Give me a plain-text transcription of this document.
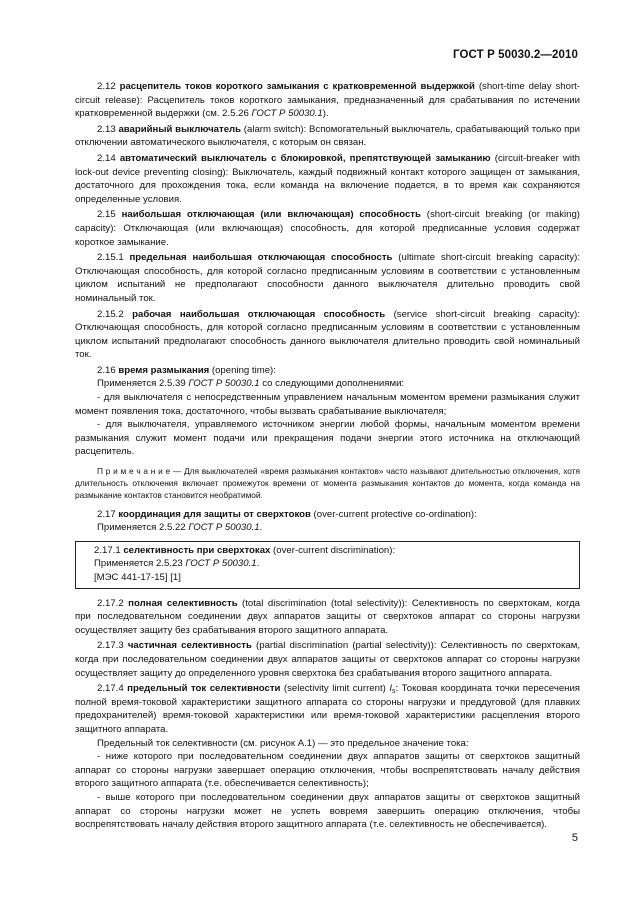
ГОСТ Р 50030.2—2010

2.12 расцепитель токов короткого замыкания с кратковременной выдержкой (short-time delay short-circuit release): Расцепитель токов короткого замыкания, предназначенный для срабатывания по истечении кратковременной выдержки (см. 2.5.26 ГОСТ Р 50030.1).

2.13 аварийный выключатель (alarm switch): Вспомогательный выключатель, срабатывающий только при отключении автоматического выключателя, с которым он связан.

2.14 автоматический выключатель с блокировкой, препятствующей замыканию (circuit-breaker with lock-out device preventing closing): Выключатель, каждый подвижный контакт которого защищен от замыкания, достаточного для прохождения тока, если команда на включение подается, в то время как сохраняются определенные условия.

2.15 наибольшая отключающая (или включающая) способность (short-circuit breaking (or making) capacity): Отключающая (или включающая) способность, для которой предписанные условия содержат короткое замыкание.

2.15.1 предельная наибольшая отключающая способность (ultimate short-circuit breaking capacity): Отключающая способность, для которой согласно предписанным условиям в соответствии с установленным циклом испытаний не предполагают способности данного выключателя длительно проводить свой номинальный ток.

2.15.2 рабочая наибольшая отключающая способность (service short-circuit breaking capacity): Отключающая способность, для которой согласно предписанным условиям в соответствии с установленным циклом испытаний предполагают способность данного выключателя длительно проводить свой номинальный ток.

2.16 время размыкания (opening time):

Применяется 2.5.39 ГОСТ Р 50030.1 со следующими дополнениями:

- для выключателя с непосредственным управлением начальным моментом времени размыкания служит момент появления тока, достаточного, чтобы вызвать срабатывание выключателя;

- для выключателя, управляемого источником энергии любой формы, начальным моментом времени размыкания служит момент подачи или прекращения подачи энергии этого источника на отключающий расцепитель.

П р и м е ч а н и е — Для выключателей «время размыкания контактов» часто называют длительностью отключения, хотя длительность отключения включает промежуток времени от момента размыкания контактов до момента, когда команда на размыкание контактов становится необратимой.

2.17 координация для защиты от сверхтоков (over-current protective co-ordination):

Применяется 2.5.22 ГОСТ Р 50030.1.

2.17.1 селективность при сверхтоках (over-current discrimination):

Применяется 2.5.23 ГОСТ Р 50030.1.

[МЭС 441-17-15] [1]

2.17.2 полная селективность (total discrimination (total selectivity)): Селективность по сверхтокам, когда при последовательном соединении двух аппаратов защиты от сверхтоков аппарат со стороны нагрузки осуществляет защиту без срабатывания второго защитного аппарата.

2.17.3 частичная селективность (partial discrimination (partial selectivity)): Селективность по сверхтокам, когда при последовательном соединении двух аппаратов защиты от сверхтоков аппарат со стороны нагрузки осуществляет защиту до определенного уровня сверхтока без срабатывания второго защитного аппарата.

2.17.4 предельный ток селективности (selectivity limit current) $I_s$: Токовая координата точки пересечения полной время-токовой характеристики защитного аппарата со стороны нагрузки и преддуговой (для плавких предохранителей) время-токовой характеристики или время-токовой характеристики расцепления второго защитного аппарата.

Предельный ток селективности (см. рисунок А.1) — это предельное значение тока:

- ниже которого при последовательном соединении двух аппаратов защиты от сверхтоков защитный аппарат со стороны нагрузки завершает операцию отключения, чтобы воспрепятствовать началу действия второго защитного аппарата (т.е. обеспечивается селективность);

- выше которого при последовательном соединении двух аппаратов защиты от сверхтоков защитный аппарат со стороны нагрузки может не успеть вовремя завершить операцию отключения, чтобы воспрепятствовать началу действия второго защитного аппарата (т.е. селективность не обеспечивается).

5
